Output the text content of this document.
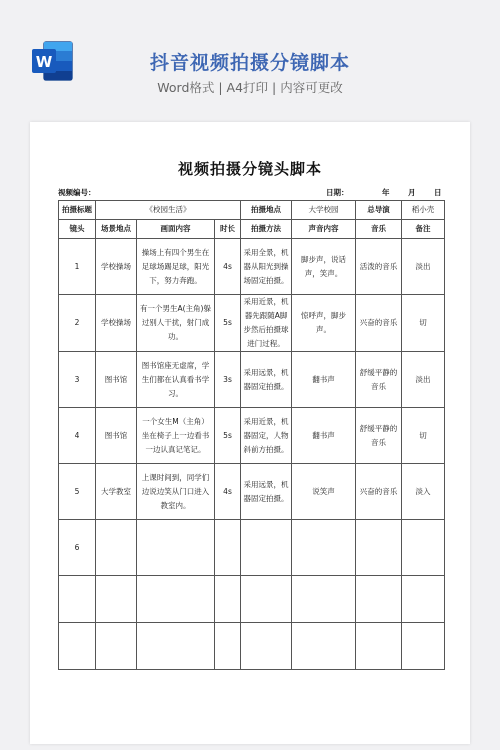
W	抖音视频拍摄分镜脚本
Word格式 | A4打印 | 内容可更改
视频拍摄分镜头脚本
视频编号：	日期：	年 月 日
拍摄标题	《校园生活》			拍摄地点	大学校园	总导演	稻小壳
镜头	场景地点	画面内容	时长	拍摄方法	声音内容	音乐	备注
1	学校操场	操场上有四个男生在足球场踢足球，阳光下，努力奔跑。	4s	采用全景，机器从阳光到操场固定拍摄。	脚步声，说话声，笑声。	活泼的音乐	淡出
2	学校操场	有一个男生A(主角)躲过别人干扰，射门成功。	5s	采用近景，机器先跟随A脚步然后拍摄球进门过程。	惊呼声，脚步声。	兴奋的音乐	切
3	图书馆	图书馆座无虚席，学生们都在认真看书学习。	3s	采用远景，机器固定拍摄。	翻书声	舒缓平静的音乐	淡出
4	图书馆	一个女生M（主角）坐在椅子上一边看书一边认真记笔记。	5s	采用近景，机器固定，人物斜前方拍摄。	翻书声	舒缓平静的音乐	切
5	大学教室	上课时间到，同学们边说边笑从门口进入教室内。	4s	采用远景，机器固定拍摄。	说笑声	兴奋的音乐	淡入
6							
